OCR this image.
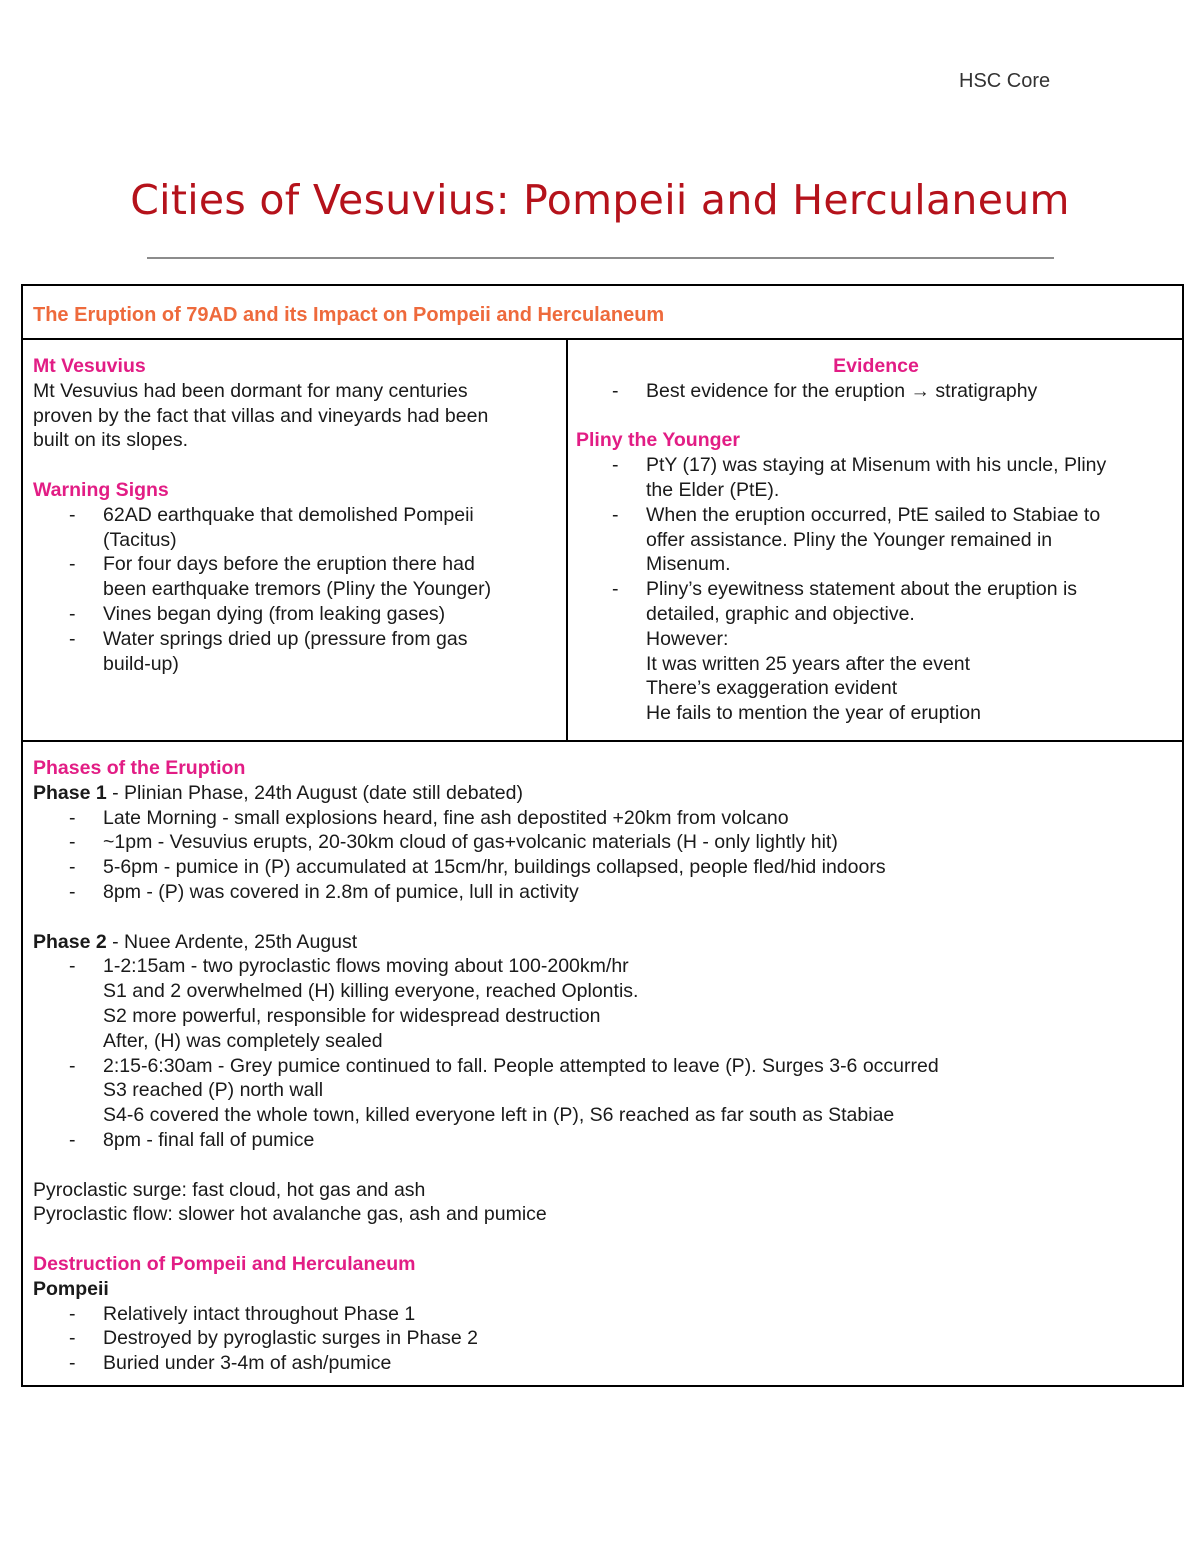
HSC Core
Cities of Vesuvius: Pompeii and Herculaneum
The Eruption of 79AD and its Impact on Pompeii and Herculaneum
Mt Vesuvius
Mt Vesuvius had been dormant for many centuries
proven by the fact that villas and vineyards had been
built on its slopes.
Warning Signs
- 62AD earthquake that demolished Pompeii
(Tacitus)
- For four days before the eruption there had
been earthquake tremors (Pliny the Younger)
- Vines began dying (from leaking gases)
- Water springs dried up (pressure from gas
build-up)
Evidence
- Best evidence for the eruption → stratigraphy
Pliny the Younger
- PtY (17) was staying at Misenum with his uncle, Pliny
the Elder (PtE).
- When the eruption occurred, PtE sailed to Stabiae to
offer assistance. Pliny the Younger remained in
Misenum.
- Pliny’s eyewitness statement about the eruption is
detailed, graphic and objective.
However:
It was written 25 years after the event
There’s exaggeration evident
He fails to mention the year of eruption
Phases of the Eruption
Phase 1 - Plinian Phase, 24th August (date still debated)
- Late Morning - small explosions heard, fine ash depostited +20km from volcano
- ~1pm - Vesuvius erupts, 20-30km cloud of gas+volcanic materials (H - only lightly hit)
- 5-6pm - pumice in (P) accumulated at 15cm/hr, buildings collapsed, people fled/hid indoors
- 8pm - (P) was covered in 2.8m of pumice, lull in activity
Phase 2 - Nuee Ardente, 25th August
- 1-2:15am - two pyroclastic flows moving about 100-200km/hr
S1 and 2 overwhelmed (H) killing everyone, reached Oplontis.
S2 more powerful, responsible for widespread destruction
After, (H) was completely sealed
- 2:15-6:30am - Grey pumice continued to fall. People attempted to leave (P). Surges 3-6 occurred
S3 reached (P) north wall
S4-6 covered the whole town, killed everyone left in (P), S6 reached as far south as Stabiae
- 8pm - final fall of pumice
Pyroclastic surge: fast cloud, hot gas and ash
Pyroclastic flow: slower hot avalanche gas, ash and pumice
Destruction of Pompeii and Herculaneum
Pompeii
- Relatively intact throughout Phase 1
- Destroyed by pyroglastic surges in Phase 2
- Buried under 3-4m of ash/pumice
